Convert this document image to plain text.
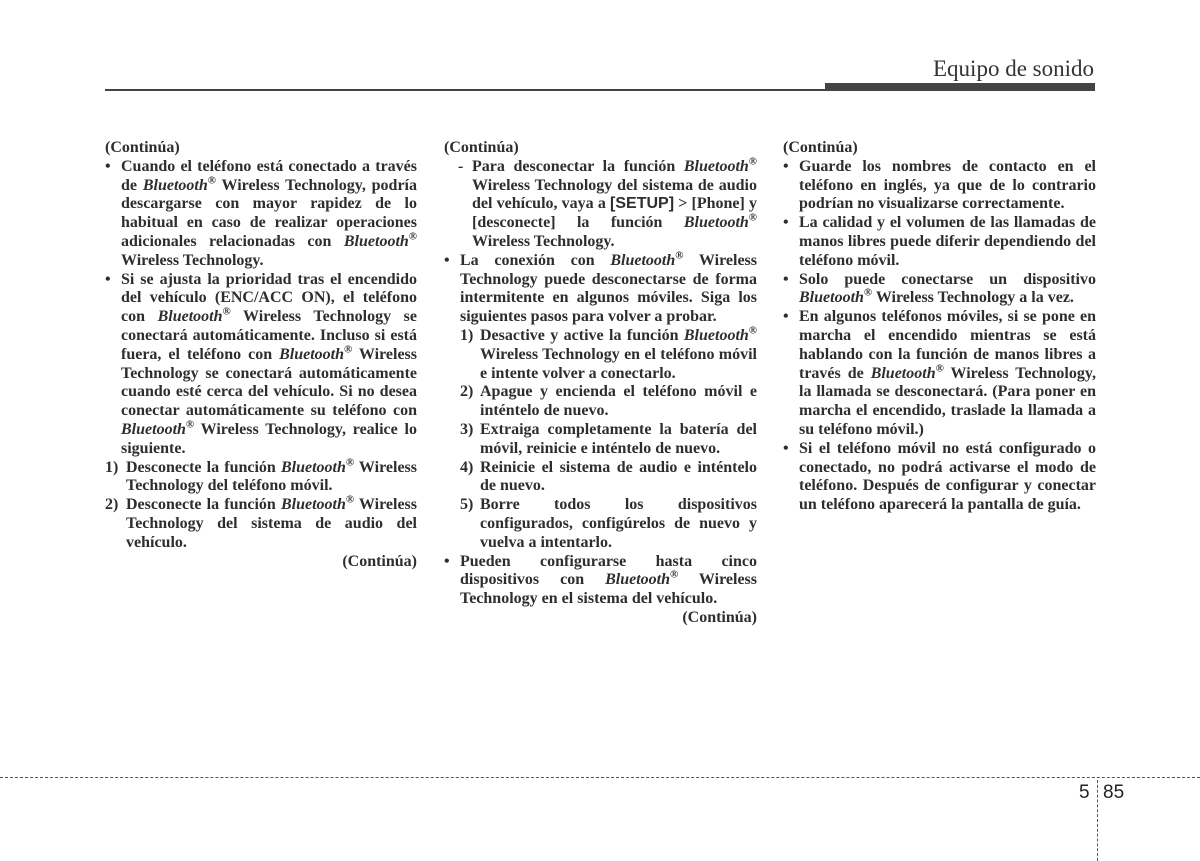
Equipo de sonido

(Continúa)

• Cuando el teléfono está conectado a través de Bluetooth® Wireless Technology, podría descargarse con mayor rapidez de lo habitual en caso de realizar operaciones adicionales relacionadas con Bluetooth® Wireless Technology.
• Si se ajusta la prioridad tras el encendido del vehículo (ENC/ACC ON), el teléfono con Bluetooth® Wireless Technology se conectará automáticamente. Incluso si está fuera, el teléfono con Bluetooth® Wireless Technology se conectará automáticamente cuando esté cerca del vehículo. Si no desea conectar automáticamente su teléfono con Bluetooth® Wireless Technology, realice lo siguiente.
1) Desconecte la función Bluetooth® Wireless Technology del teléfono móvil.
2) Desconecte la función Bluetooth® Wireless Technology del sistema de audio del vehículo.

(Continúa)

(Continúa)

- Para desconectar la función Bluetooth® Wireless Technology del sistema de audio del vehículo, vaya a [SETUP] > [Phone] y [desconecte] la función Bluetooth® Wireless Technology.
• La conexión con Bluetooth® Wireless Technology puede desconectarse de forma intermitente en algunos móviles. Siga los siguientes pasos para volver a probar.
1) Desactive y active la función Bluetooth® Wireless Technology en el teléfono móvil e intente volver a conectarlo.
2) Apague y encienda el teléfono móvil e inténtelo de nuevo.
3) Extraiga completamente la batería del móvil, reinicie e inténtelo de nuevo.
4) Reinicie el sistema de audio e inténtelo de nuevo.
5) Borre todos los dispositivos configurados, configúrelos de nuevo y vuelva a intentarlo.
• Pueden configurarse hasta cinco dispositivos con Bluetooth® Wireless Technology en el sistema del vehículo.

(Continúa)

(Continúa)

• Guarde los nombres de contacto en el teléfono en inglés, ya que de lo contrario podrían no visualizarse correctamente.
• La calidad y el volumen de las llamadas de manos libres puede diferir dependiendo del teléfono móvil.
• Solo puede conectarse un dispositivo Bluetooth® Wireless Technology a la vez.
• En algunos teléfonos móviles, si se pone en marcha el encendido mientras se está hablando con la función de manos libres a través de Bluetooth® Wireless Technology, la llamada se desconectará. (Para poner en marcha el encendido, traslade la llamada a su teléfono móvil.)
• Si el teléfono móvil no está configurado o conectado, no podrá activarse el modo de teléfono. Después de configurar y conectar un teléfono aparecerá la pantalla de guía.
5 85
